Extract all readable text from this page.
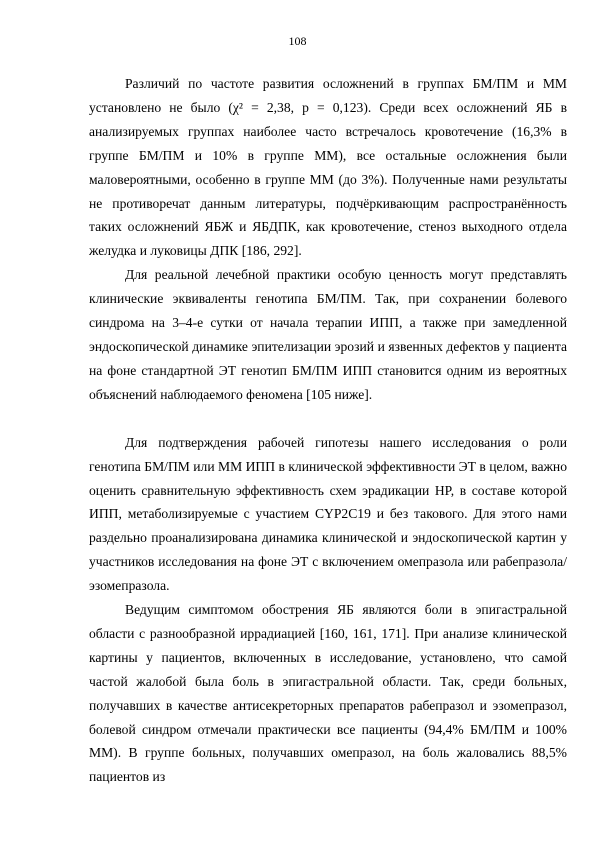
108

Различий по частоте развития осложнений в группах БМ/ПМ и ММ установлено не было (χ² = 2,38, p = 0,123). Среди всех осложнений ЯБ в анализируемых группах наиболее часто встречалось кровотечение (16,3% в группе БМ/ПМ и 10% в группе ММ), все остальные осложнения были маловероятными, особенно в группе ММ (до 3%). Полученные нами результаты не противоречат данным литературы, подчёркивающим распространённость таких осложнений ЯБЖ и ЯБДПК, как кровотечение, стеноз выходного отдела желудка и луковицы ДПК [186, 292].

Для реальной лечебной практики особую ценность могут представлять клинические эквиваленты генотипа БМ/ПМ. Так, при сохранении болевого синдрома на 3–4-е сутки от начала терапии ИПП, а также при замедленной эндоскопической динамике эпителизации эрозий и язвенных дефектов у пациента на фоне стандартной ЭТ генотип БМ/ПМ ИПП становится одним из вероятных объяснений наблюдаемого феномена [105 ниже].

Для подтверждения рабочей гипотезы нашего исследования о роли генотипа БМ/ПМ или ММ ИПП в клинической эффективности ЭТ в целом, важно оценить сравнительную эффективность схем эрадикации HP, в составе которой ИПП, метаболизируемые с участием CYP2C19 и без такового. Для этого нами раздельно проанализирована динамика клинической и эндоскопической картин у участников исследования на фоне ЭТ с включением омепразола или рабепразола/эзомепразола.

Ведущим симптомом обострения ЯБ являются боли в эпигастральной области с разнообразной иррадиацией [160, 161, 171]. При анализе клинической картины у пациентов, включенных в исследование, установлено, что самой частой жалобой была боль в эпигастральной области. Так, среди больных, получавших в качестве антисекреторных препаратов рабепразол и эзомепразол, болевой синдром отмечали практически все пациенты (94,4% БМ/ПМ и 100% ММ). В группе больных, получавших омепразол, на боль жаловались 88,5% пациентов из
